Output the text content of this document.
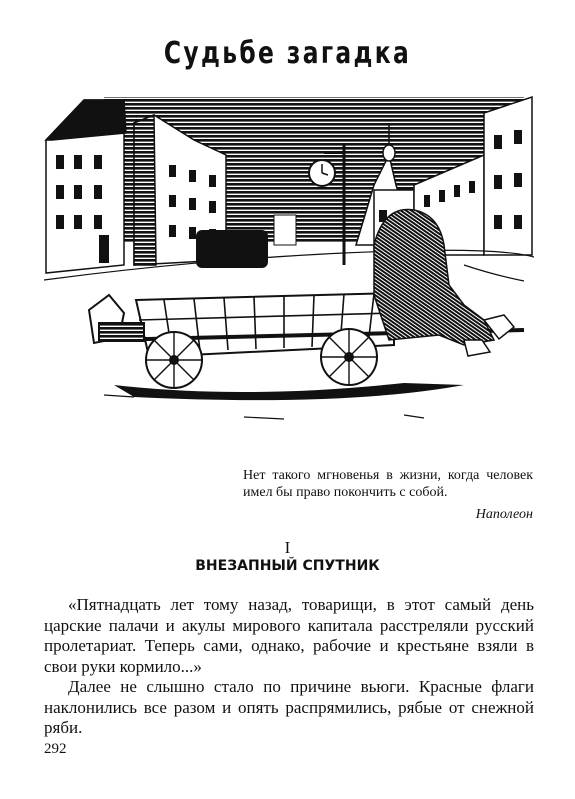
Судьбе загадка
Нет такого мгновенья в жизни, когда человек имел бы право покончить с собой.
Наполеон
I
ВНЕЗАПНЫЙ СПУТНИК

«Пятнадцать лет тому назад, товарищи, в этот самый день царские палачи и акулы мирового капитала расстреляли русский пролетариат. Теперь сами, однако, рабочие и крестьяне взяли в свои руки кормило...»

Далее не слышно стало по причине вьюги. Красные флаги наклонились все разом и опять распрямились, рябые от снежной ряби.

292
